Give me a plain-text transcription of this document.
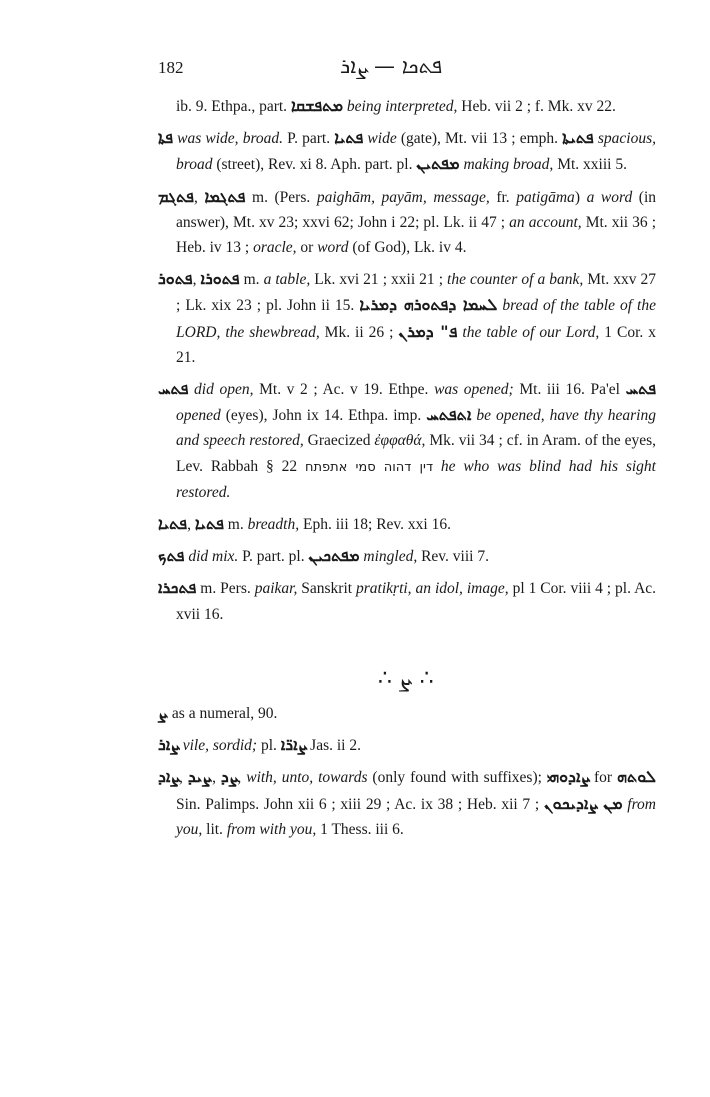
182	ܦܬܟܐ — ܨܐܪ

ib. 9. Ethpa., part. ܡܬܦܫܩܐ being interpreted, Heb. vii 2 ; f. Mk. xv 22.

ܦܬܐ was wide, broad. P. part. ܦܬܝܐ wide (gate), Mt. vii 13 ; emph. ܦܬܝܬܐ spacious, broad (street), Rev. xi 8. Aph. part. pl. ܡܦܬܝܢ making broad, Mt. xxiii 5.

ܦܬܓܡ, ܦܬܓܡܐ m. (Pers. paighām, payām, message, fr. patigāma) a word (in answer), Mt. xv 23; xxvi 62; John i 22; pl. Lk. ii 47 ; an account, Mt. xii 36 ; Heb. iv 13 ; oracle, or word (of God), Lk. iv 4.

ܦܬܘܪ, ܦܬܘܪܐ m. a table, Lk. xvi 21 ; xxii 21 ; the counter of a bank, Mt. xxv 27 ; Lk. xix 23 ; pl. John ii 15. ܠܚܡܐ ܕܦܬܘܪܗ ܕܡܪܝܐ bread of the table of the LORD, the shewbread, Mk. ii 26 ; ܦ" ܕܡܪܢ the table of our Lord, 1 Cor. x 21.

ܦܬܚ did open, Mt. v 2 ; Ac. v 19. Ethpe. was opened; Mt. iii 16. Pa'el ܦܬܚ opened (eyes), John ix 14. Ethpa. imp. ܐܬܦܬܚ be opened, have thy hearing and speech restored, Graecized ἐφφαθά, Mk. vii 34 ; cf. in Aram. of the eyes, Lev. Rabbah § 22 דין דהוה סמי אתפתח he who was blind had his sight restored.

ܦܬܝܐ, ܦܬܝܐ m. breadth, Eph. iii 18; Rev. xxi 16.

ܦܬܟ did mix. P. part. pl. ܡܦܬܟܝܢ mingled, Rev. viii 7.

ܦܬܟܪܐ m. Pers. paikar, Sanskrit pratikṛti, an idol, image, pl 1 Cor. viii 4 ; pl. Ac. xvii 16.

∴ ܨ ∴

ܨ as a numeral, 90.

ܨܐܪ vile, sordid; pl. ܨܐܪ̈ܐ Jas. ii 2.

ܨܐܕ, ܨܝܕ, ܨܕ, with, unto, towards (only found with suffixes); ܨܐܕܘܗܝ for ܠܘܬܗ Sin. Palimps. John xii 6 ; xiii 29 ; Ac. ix 38 ; Heb. xii 7 ; ܡܢ ܨܐܕܝܟܘܢ from you, lit. from with you, 1 Thess. iii 6.
